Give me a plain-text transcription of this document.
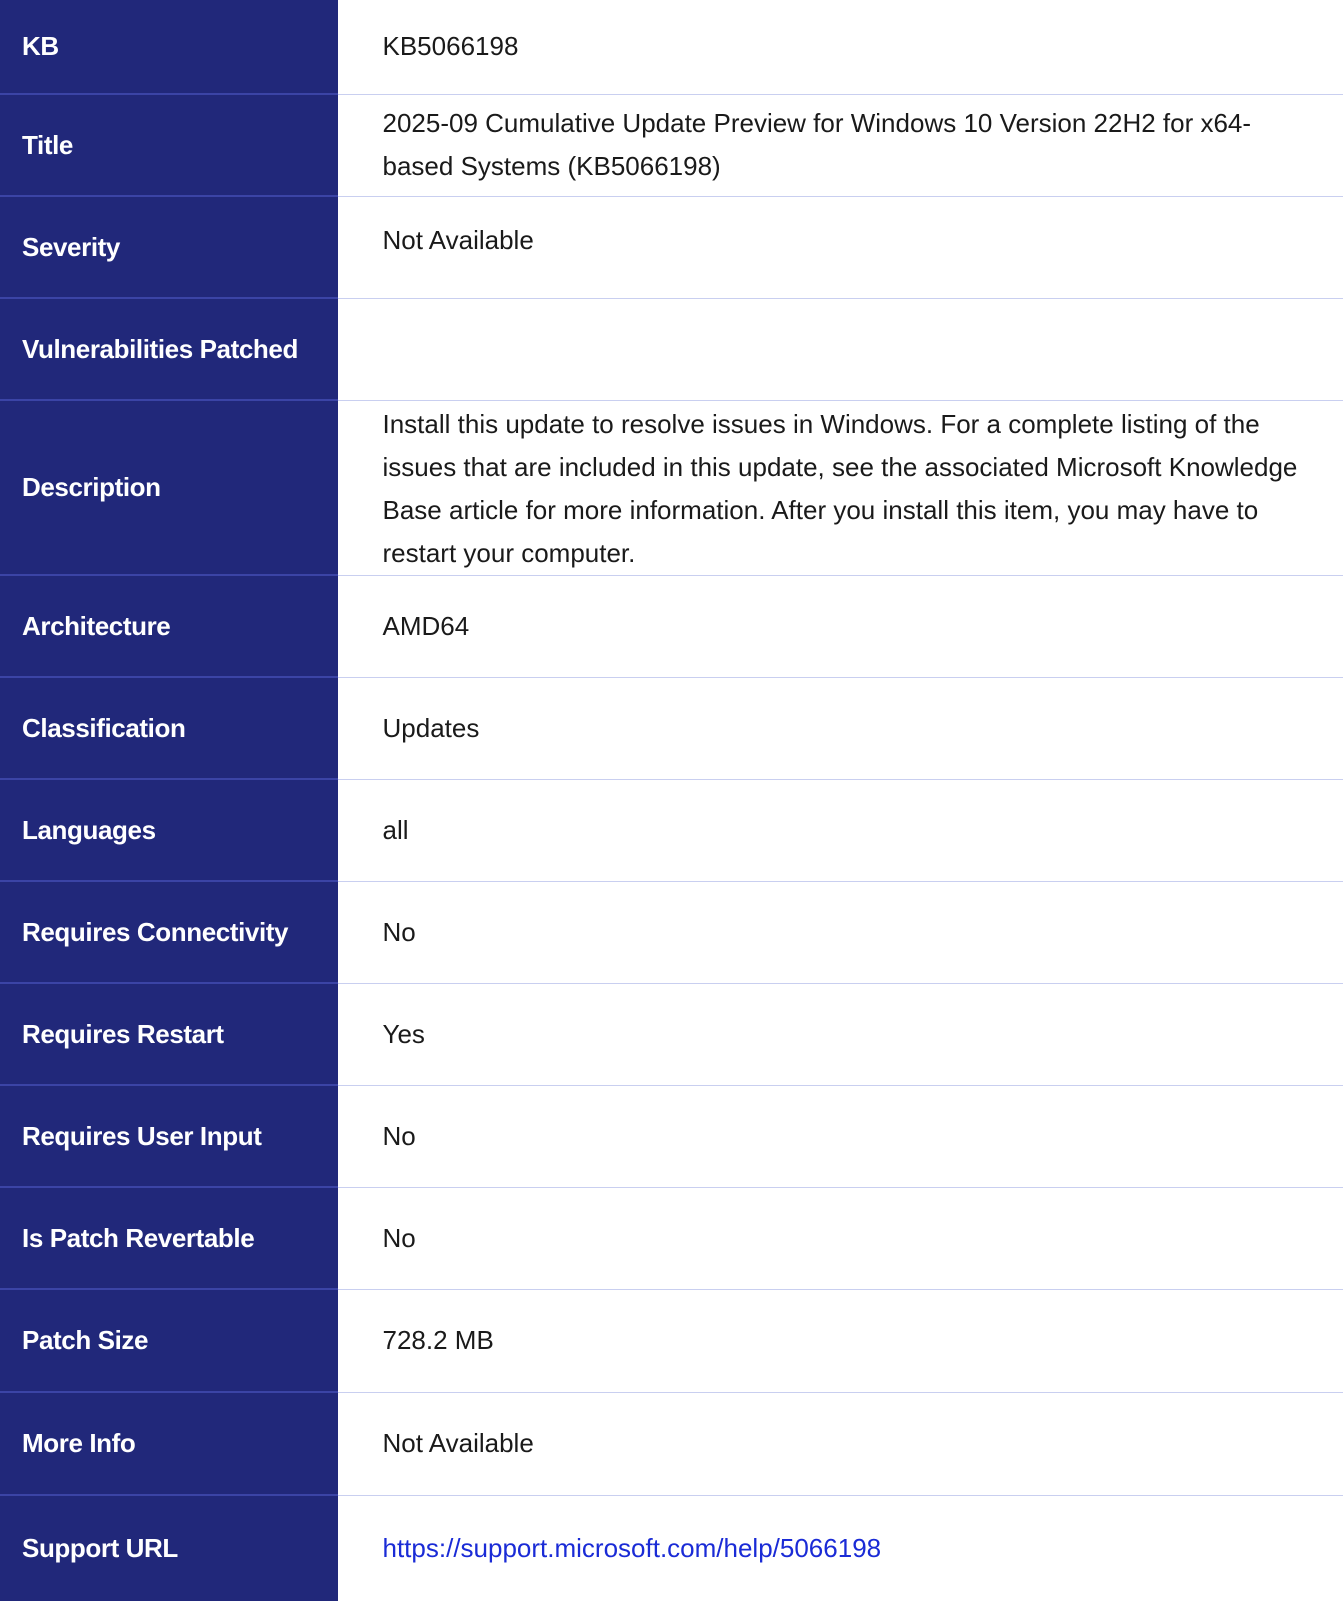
KB	KB5066198
Title	2025-09 Cumulative Update Preview for Windows 10 Version 22H2 for x64-based Systems (KB5066198)
Severity	Not Available
Vulnerabilities Patched	
Description	Install this update to resolve issues in Windows. For a complete listing of the issues that are included in this update, see the associated Microsoft Knowledge Base article for more information. After you install this item, you may have to restart your computer.
Architecture	AMD64
Classification	Updates
Languages	all
Requires Connectivity	No
Requires Restart	Yes
Requires User Input	No
Is Patch Revertable	No
Patch Size	728.2 MB
More Info	Not Available
Support URL	https://support.microsoft.com/help/5066198
